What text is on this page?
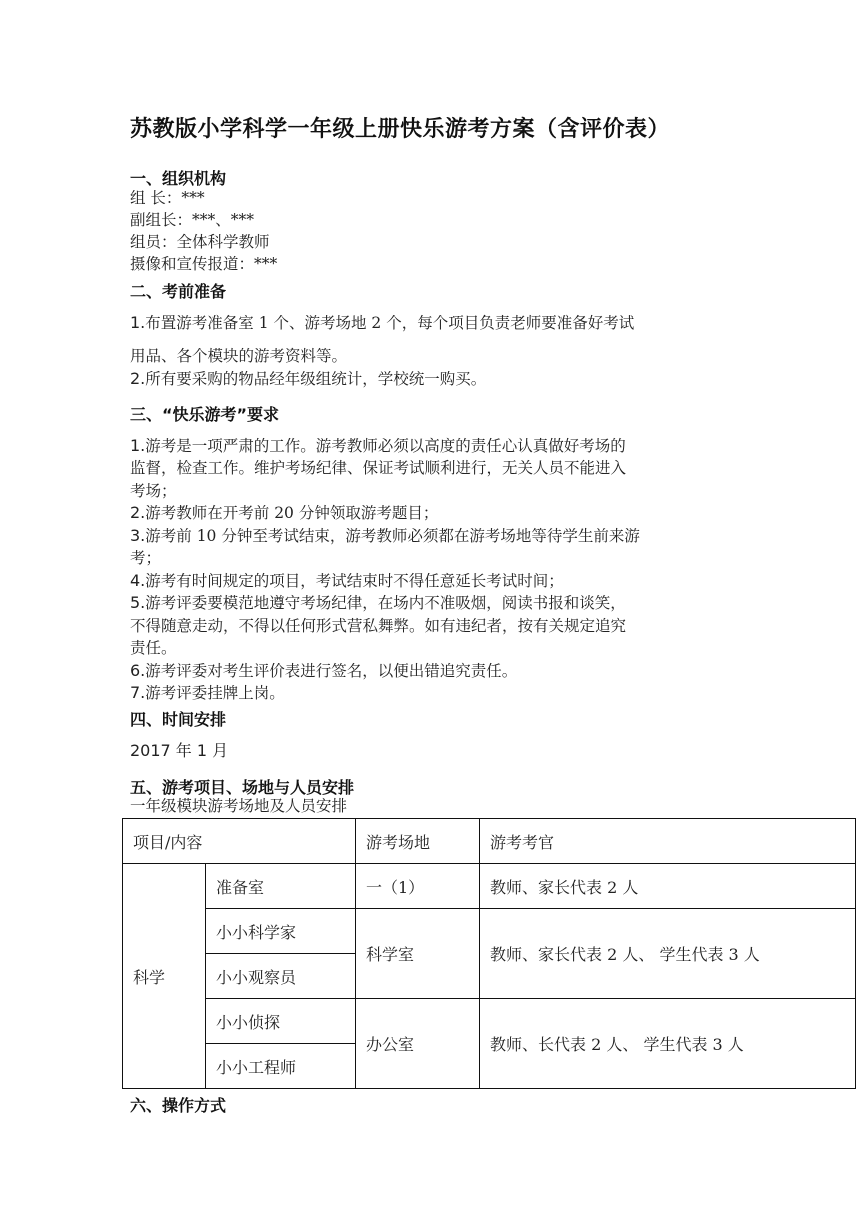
苏教版小学科学一年级上册快乐游考方案（含评价表）
一、组织机构
组 长：***
副组长：***、***
组员：全体科学教师
摄像和宣传报道：***
二、考前准备
1.布置游考准备室 1 个、游考场地 2 个，每个项目负责老师要准备好考试
用品、各个模块的游考资料等。
2.所有要采购的物品经年级组统计，学校统一购买。
三、“快乐游考”要求
1.游考是一项严肃的工作。游考教师必须以高度的责任心认真做好考场的
监督，检查工作。维护考场纪律、保证考试顺利进行，无关人员不能进入
考场；
2.游考教师在开考前 20 分钟领取游考题目；
3.游考前 10 分钟至考试结束，游考教师必须都在游考场地等待学生前来游
考；
4.游考有时间规定的项目，考试结束时不得任意延长考试时间；
5.游考评委要模范地遵守考场纪律，在场内不准吸烟，阅读书报和谈笑，
不得随意走动，不得以任何形式营私舞弊。如有违纪者，按有关规定追究
责任。
6.游考评委对考生评价表进行签名，以便出错追究责任。
7.游考评委挂牌上岗。
四、时间安排
2017 年 1 月
五、游考项目、场地与人员安排
一年级模块游考场地及人员安排
项目/内容		游考场地	游考考官
科学	准备室	一（1）	教师、家长代表 2 人
	小小科学家	科学室	教师、家长代表 2 人、 学生代表 3 人
	小小观察员		
	小小侦探	办公室	教师、长代表 2 人、 学生代表 3 人
	小小工程师		
六、操作方式
